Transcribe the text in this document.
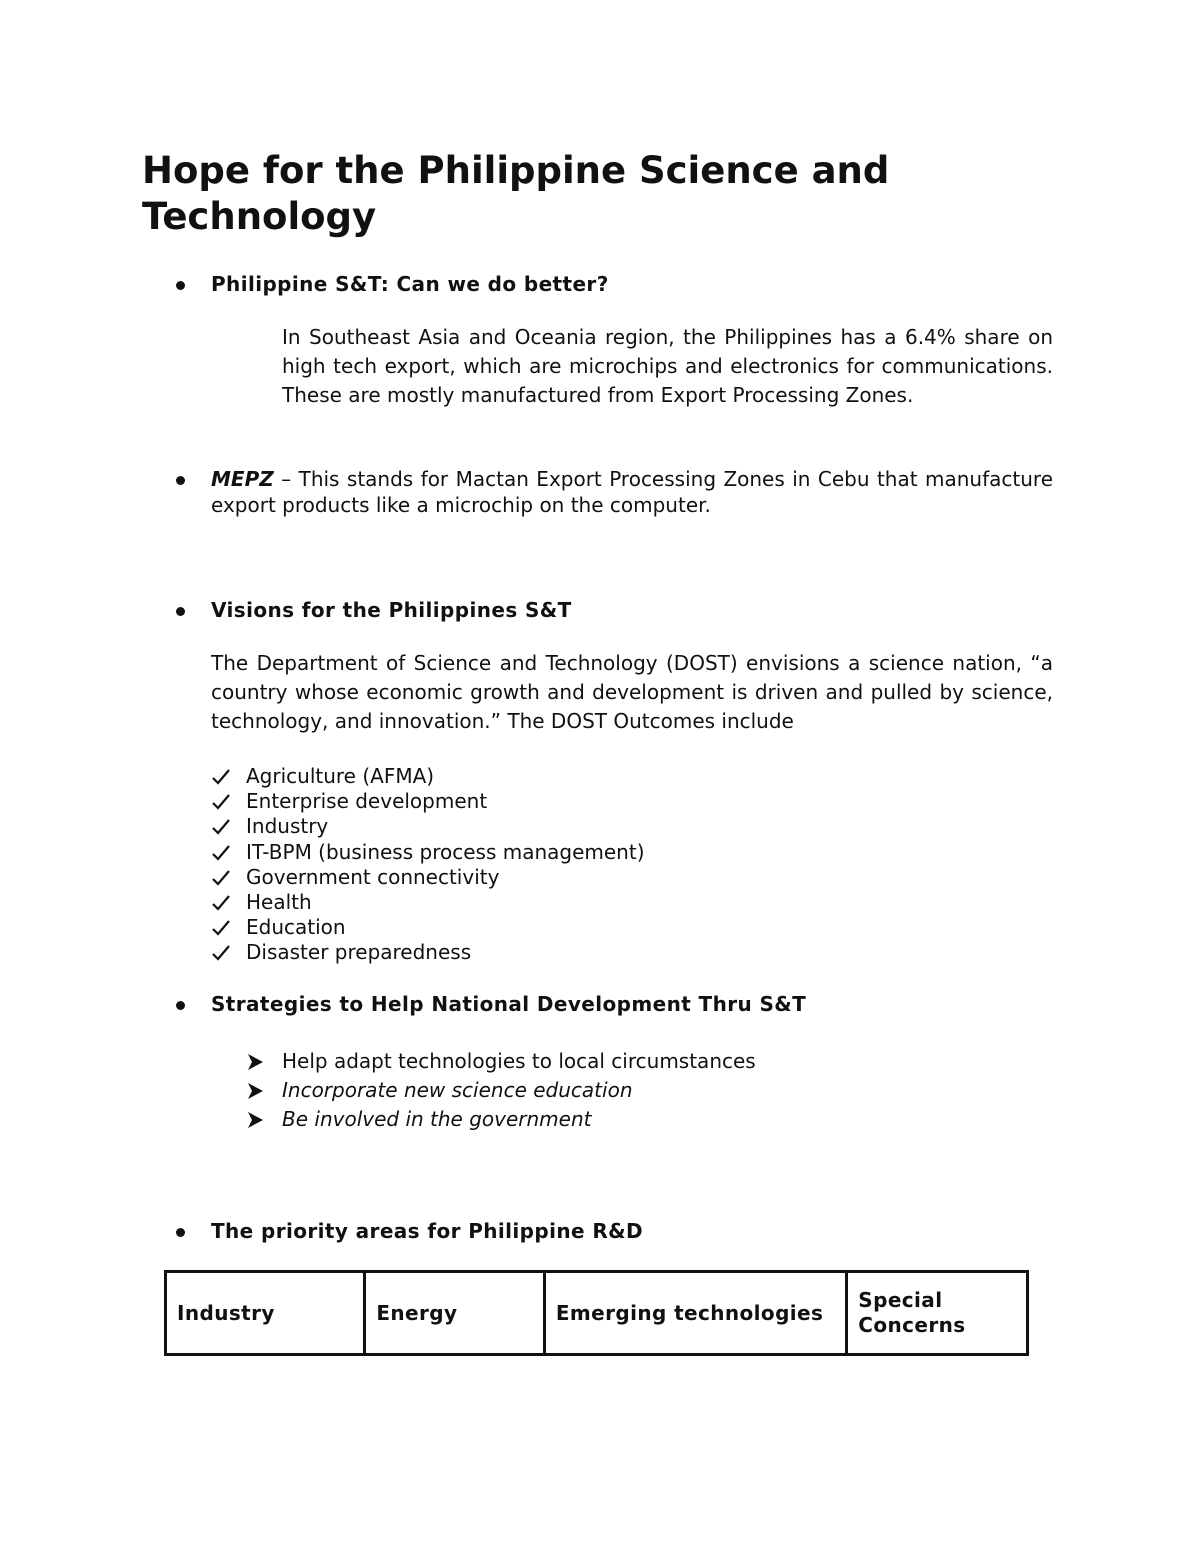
Hope for the Philippine Science and Technology
Philippine S&T: Can we do better?
In Southeast Asia and Oceania region, the Philippines has a 6.4% share on high tech export, which are microchips and electronics for communications. These are mostly manufactured from Export Processing Zones.
MEPZ – This stands for Mactan Export Processing Zones in Cebu that manufacture export products like a microchip on the computer.
Visions for the Philippines S&T
The Department of Science and Technology (DOST) envisions a science nation, “a country whose economic growth and development is driven and pulled by science, technology, and innovation.” The DOST Outcomes include
Agriculture (AFMA)
Enterprise development
Industry
IT-BPM (business process management)
Government connectivity
Health
Education
Disaster preparedness
Strategies to Help National Development Thru S&T
Help adapt technologies to local circumstances
Incorporate new science education
Be involved in the government
The priority areas for Philippine R&D
Industry	Energy	Emerging technologies	Special Concerns
